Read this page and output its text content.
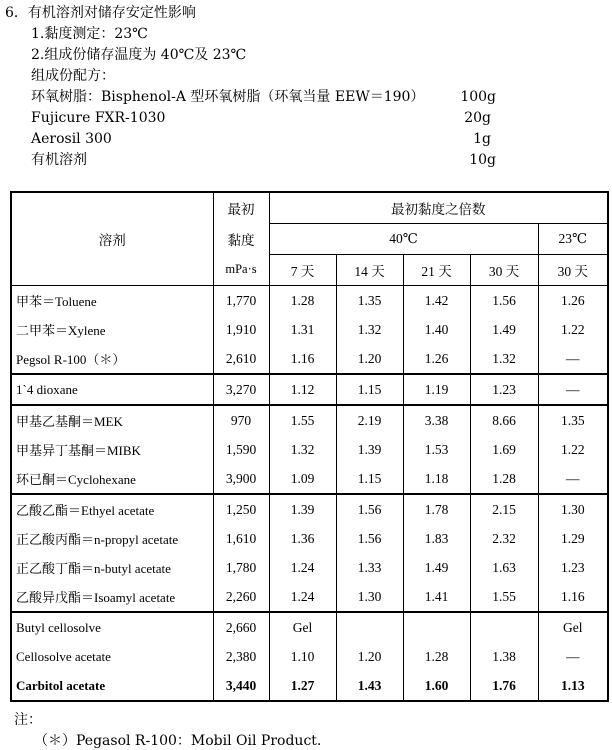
6．有机溶剂对储存安定性影响
1.黏度测定：23℃
2.组成份储存温度为 40℃及 23℃
组成份配方：
环氧树脂：Bisphenol-A 型环氧树脂（环氧当量 EEW＝190）	100g
Fujicure FXR-1030	20g
Aerosil 300	1g
有机溶剂	10g
溶剂	最初	最初黏度之倍数				
	黏度	40℃				23℃
	mPa·s	7 天	14 天	21 天	30 天	30 天
甲苯＝Toluene	1,770	1.28	1.35	1.42	1.56	1.26
二甲苯＝Xylene	1,910	1.31	1.32	1.40	1.49	1.22
Pegsol R-100（＊）	2,610	1.16	1.20	1.26	1.32	—
1`4 dioxane	3,270	1.12	1.15	1.19	1.23	—
甲基乙基酮＝MEK	970	1.55	2.19	3.38	8.66	1.35
甲基异丁基酮＝MIBK	1,590	1.32	1.39	1.53	1.69	1.22
环已酮＝Cyclohexane	3,900	1.09	1.15	1.18	1.28	—
乙酸乙酯＝Ethyel acetate	1,250	1.39	1.56	1.78	2.15	1.30
正乙酸丙酯＝n-propyl acetate	1,610	1.36	1.56	1.83	2.32	1.29
正乙酸丁酯＝n-butyl acetate	1,780	1.24	1.33	1.49	1.63	1.23
乙酸异戊酯＝Isoamyl acetate	2,260	1.24	1.30	1.41	1.55	1.16
Butyl cellosolve	2,660	Gel				Gel
Cellosolve acetate	2,380	1.10	1.20	1.28	1.38	—
Carbitol acetate	3,440	1.27	1.43	1.60	1.76	1.13
注：
（＊）Pegasol R-100：Mobil Oil Product.
